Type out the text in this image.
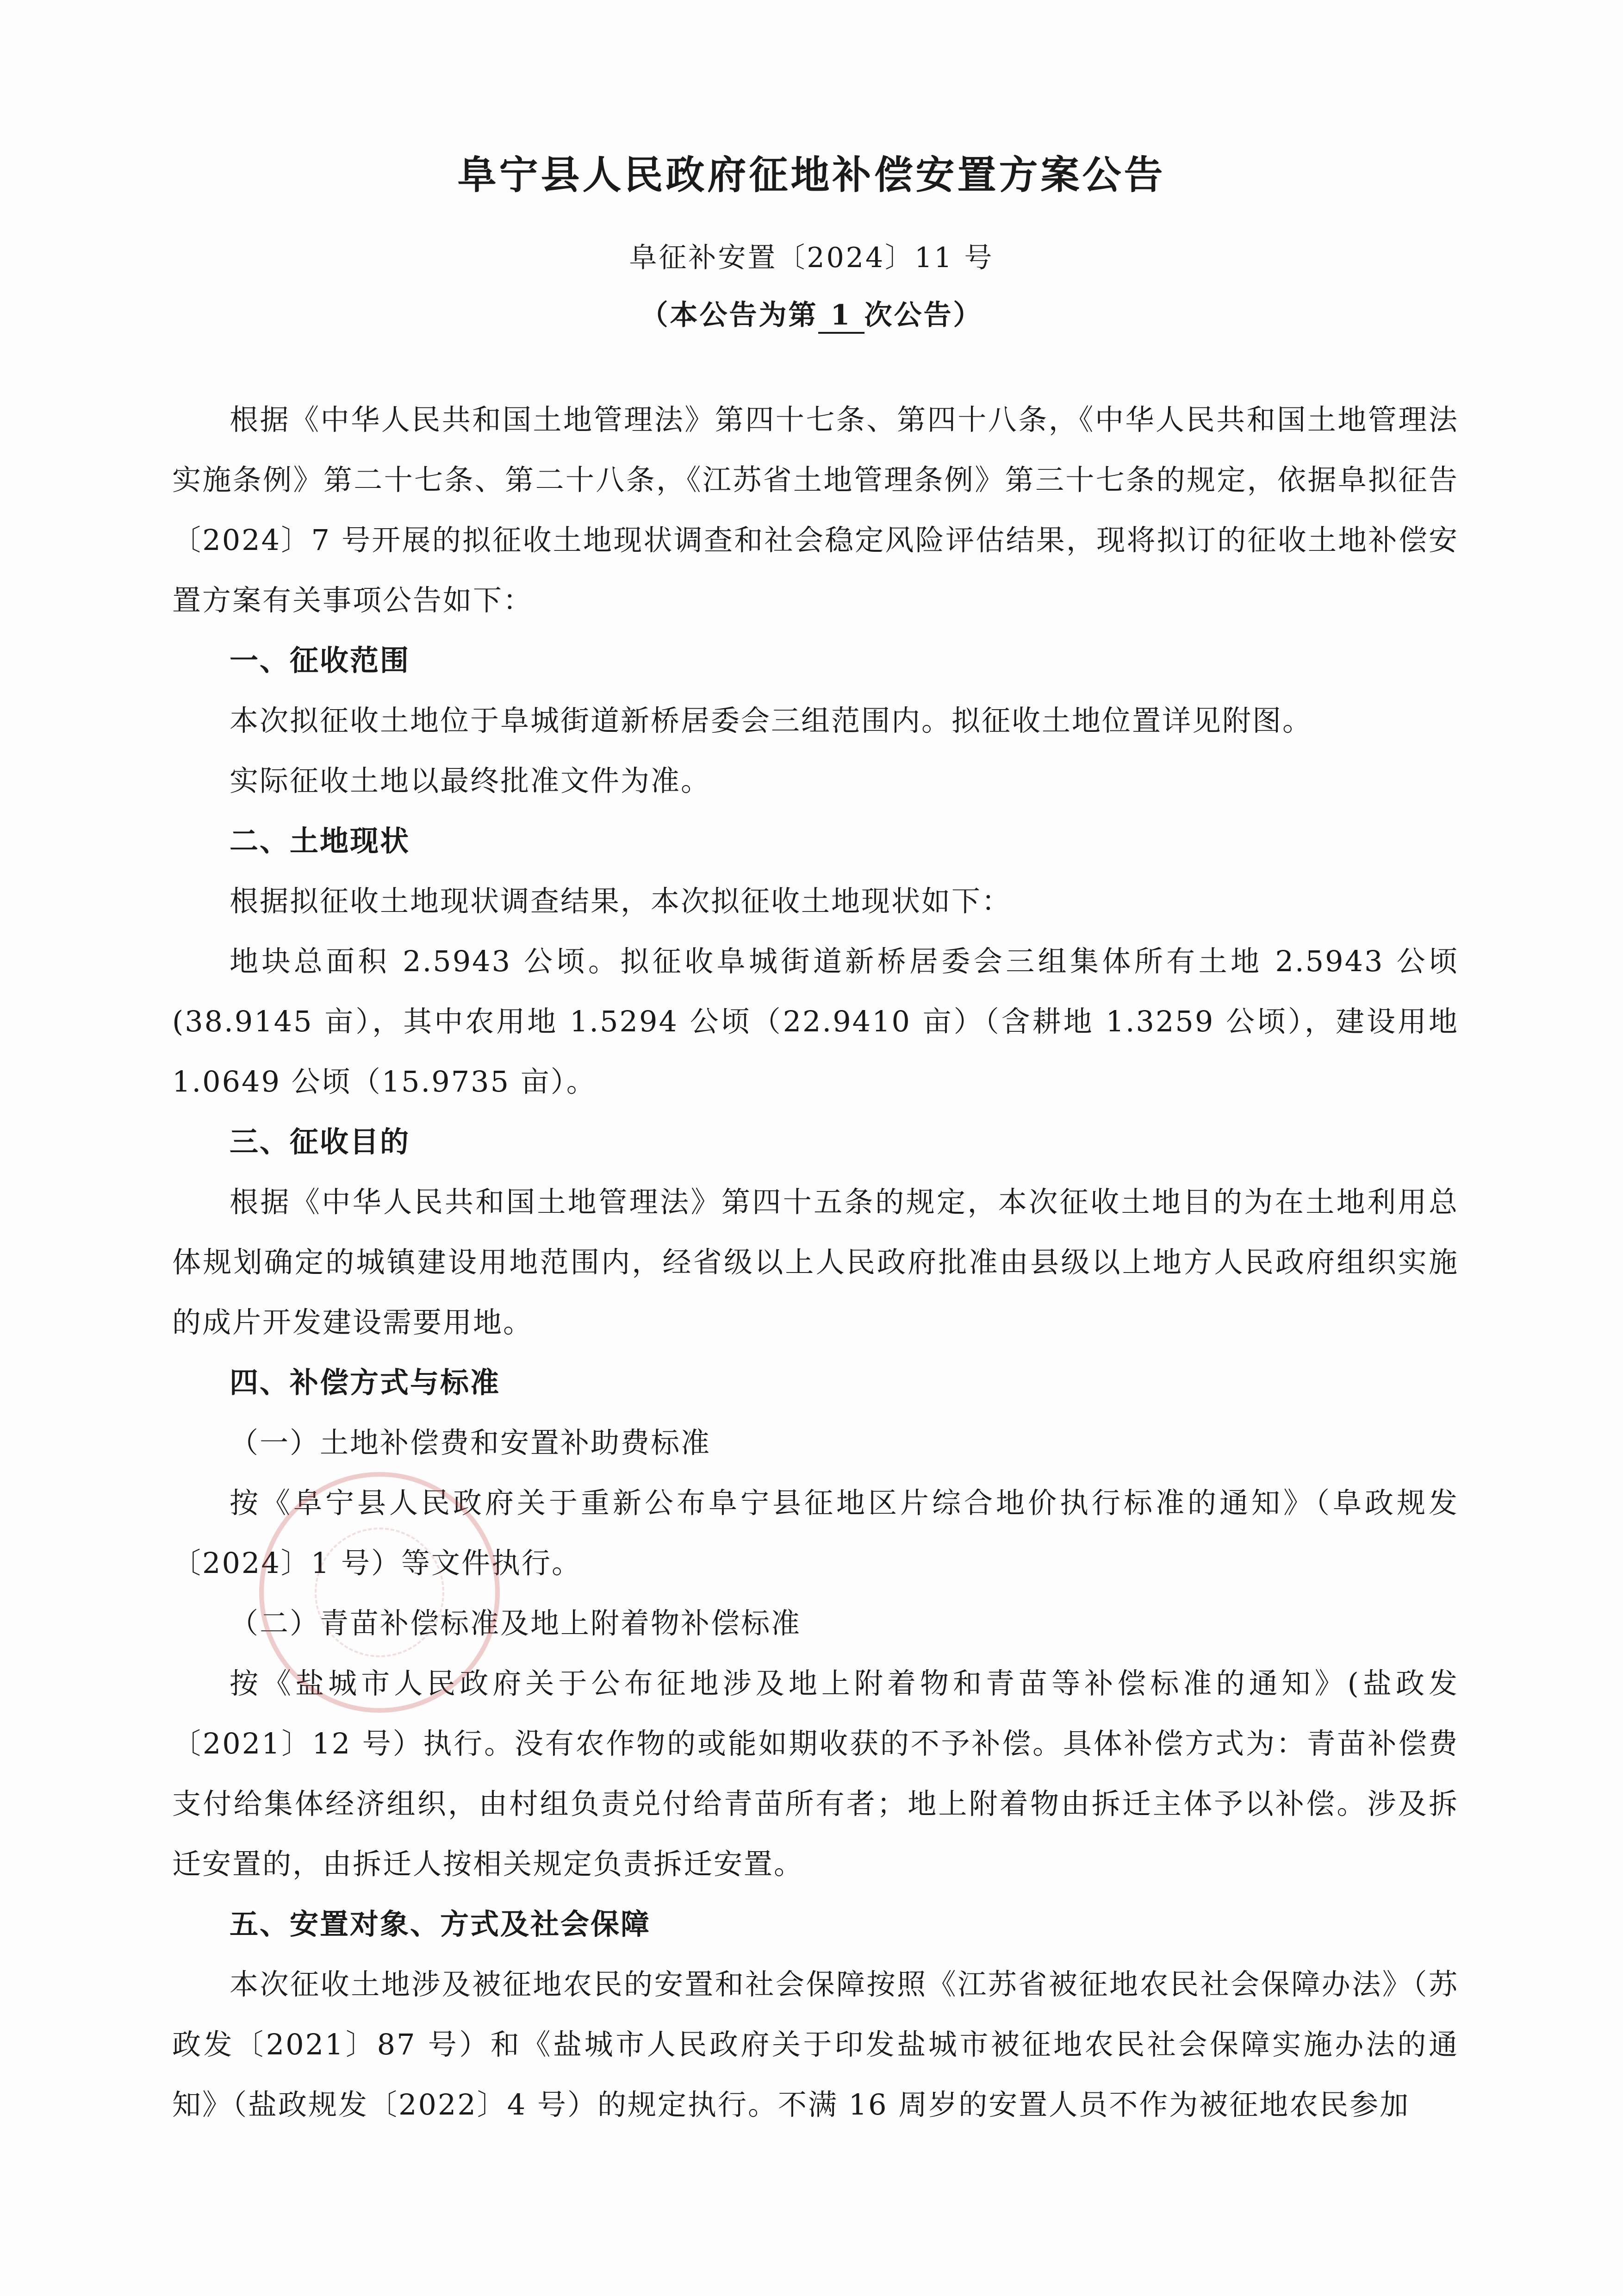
阜宁县人民政府征地补偿安置方案公告
阜征补安置〔2024〕11 号
（本公告为第 1 次公告）

根据《中华人民共和国土地管理法》第四十七条、第四十八条，《中华人民共和国土地管理法实施条例》第二十七条、第二十八条，《江苏省土地管理条例》第三十七条的规定，依据阜拟征告〔2024〕7 号开展的拟征收土地现状调查和社会稳定风险评估结果，现将拟订的征收土地补偿安置方案有关事项公告如下：

一、征收范围

本次拟征收土地位于阜城街道新桥居委会三组范围内。拟征收土地位置详见附图。

实际征收土地以最终批准文件为准。

二、土地现状

根据拟征收土地现状调查结果，本次拟征收土地现状如下：

地块总面积 2.5943 公顷。拟征收阜城街道新桥居委会三组集体所有土地 2.5943 公顷(38.9145 亩），其中农用地 1.5294 公顷（22.9410 亩）（含耕地 1.3259 公顷），建设用地 1.0649 公顷（15.9735 亩）。

三、征收目的

根据《中华人民共和国土地管理法》第四十五条的规定，本次征收土地目的为在土地利用总体规划确定的城镇建设用地范围内，经省级以上人民政府批准由县级以上地方人民政府组织实施的成片开发建设需要用地。

四、补偿方式与标准

（一）土地补偿费和安置补助费标准

按《阜宁县人民政府关于重新公布阜宁县征地区片综合地价执行标准的通知》（阜政规发〔2024〕1 号）等文件执行。

（二）青苗补偿标准及地上附着物补偿标准

按《盐城市人民政府关于公布征地涉及地上附着物和青苗等补偿标准的通知》(盐政发〔2021〕12 号）执行。没有农作物的或能如期收获的不予补偿。具体补偿方式为：青苗补偿费支付给集体经济组织，由村组负责兑付给青苗所有者；地上附着物由拆迁主体予以补偿。涉及拆迁安置的，由拆迁人按相关规定负责拆迁安置。

五、安置对象、方式及社会保障

本次征收土地涉及被征地农民的安置和社会保障按照《江苏省被征地农民社会保障办法》（苏政发〔2021〕87 号）和《盐城市人民政府关于印发盐城市被征地农民社会保障实施办法的通知》（盐政规发〔2022〕4 号）的规定执行。不满 16 周岁的安置人员不作为被征地农民参加
